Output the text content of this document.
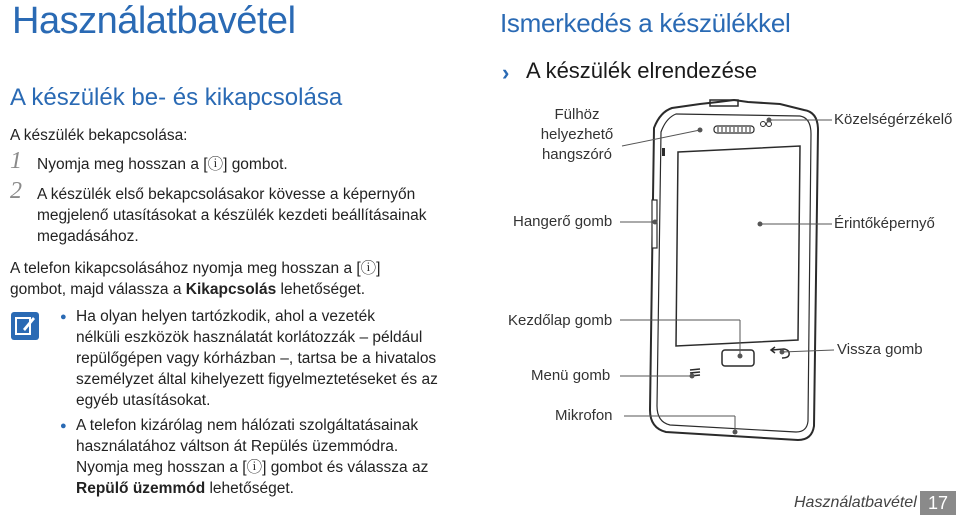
Használatbavétel
A készülék be- és kikapcsolása
A készülék bekapcsolása:
1 Nyomja meg hosszan a [ⓘ] gombot.
2 A készülék első bekapcsolásakor kövesse a képernyőn
megjelenő utasításokat a készülék kezdeti beállításainak
megadásához.
A telefon kikapcsolásához nyomja meg hosszan a [ⓘ]
gombot, majd válassza a Kikapcsolás lehetőséget.
● Ha olyan helyen tartózkodik, ahol a vezeték
nélküli eszközök használatát korlátozzák – például
repülőgépen vagy kórházban –, tartsa be a hivatalos
személyzet által kihelyezett figyelmeztetéseket és az
egyéb utasításokat.
● A telefon kizárólag nem hálózati szolgáltatásainak
használatához váltson át Repülés üzemmódra.
Nyomja meg hosszan a [ⓘ] gombot és válassza az
Repülő üzemmód lehetőséget.
Ismerkedés a készülékkel
› A készülék elrendezése
Fülhöz
helyezhető
hangszóró
Hangerő gomb
Kezdőlap gomb
Menü gomb
Mikrofon
Közelségérzékelő
Érintőképernyő
Vissza gomb
Használatbavétel 17
